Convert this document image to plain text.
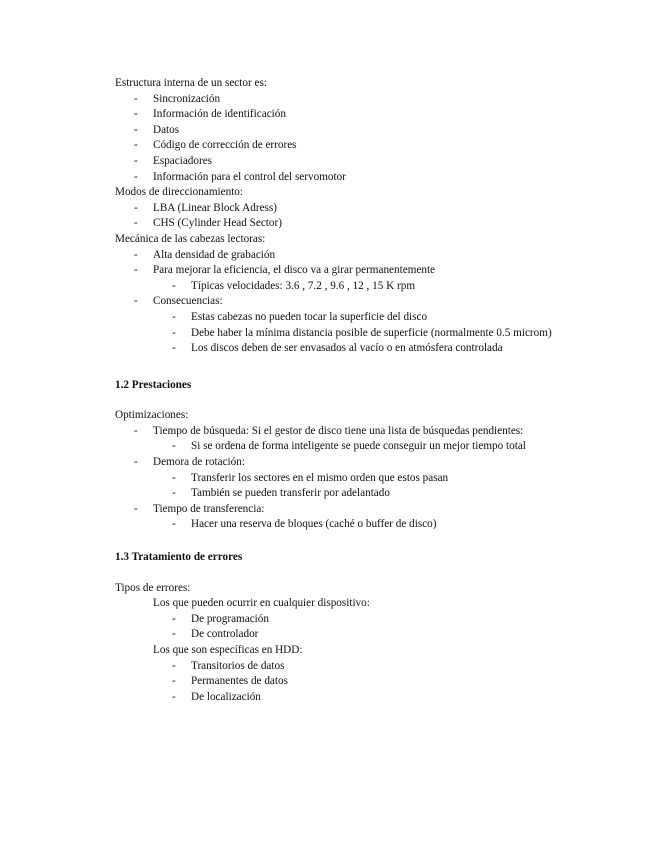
Estructura interna de un sector es:
-	Sincronización
-	Información de identificación
-	Datos
-	Código de corrección de errores
-	Espaciadores
-	Información para el control del servomotor
Modos de direccionamiento:
-	LBA (Linear Block Adress)
-	CHS (Cylinder Head Sector)
Mecánica de las cabezas lectoras:
-	Alta densidad de grabación
-	Para mejorar la eficiencia, el disco va a girar permanentemente
-	Típicas velocidades: 3.6 , 7.2 , 9.6 , 12 , 15 K rpm
-	Consecuencias:
-	Estas cabezas no pueden tocar la superficie del disco
-	Debe haber la mínima distancia posible de superficie (normalmente 0.5 microm)
-	Los discos deben de ser envasados al vacío o en atmósfera controlada
1.2 Prestaciones
Optimizaciones:
-	Tiempo de búsqueda: Si el gestor de disco tiene una lista de búsquedas pendientes:
-	Si se ordena de forma inteligente se puede conseguir un mejor tiempo total
-	Demora de rotación:
-	Transferir los sectores en el mismo orden que estos pasan
-	También se pueden transferir por adelantado
-	Tiempo de transferencia:
-	Hacer una reserva de bloques (caché o buffer de disco)
1.3 Tratamiento de errores
Tipos de errores:
Los que pueden ocurrir en cualquier dispositivo:
-	De programación
-	De controlador
Los que son específicas en HDD:
-	Transitorios de datos
-	Permanentes de datos
-	De localización
